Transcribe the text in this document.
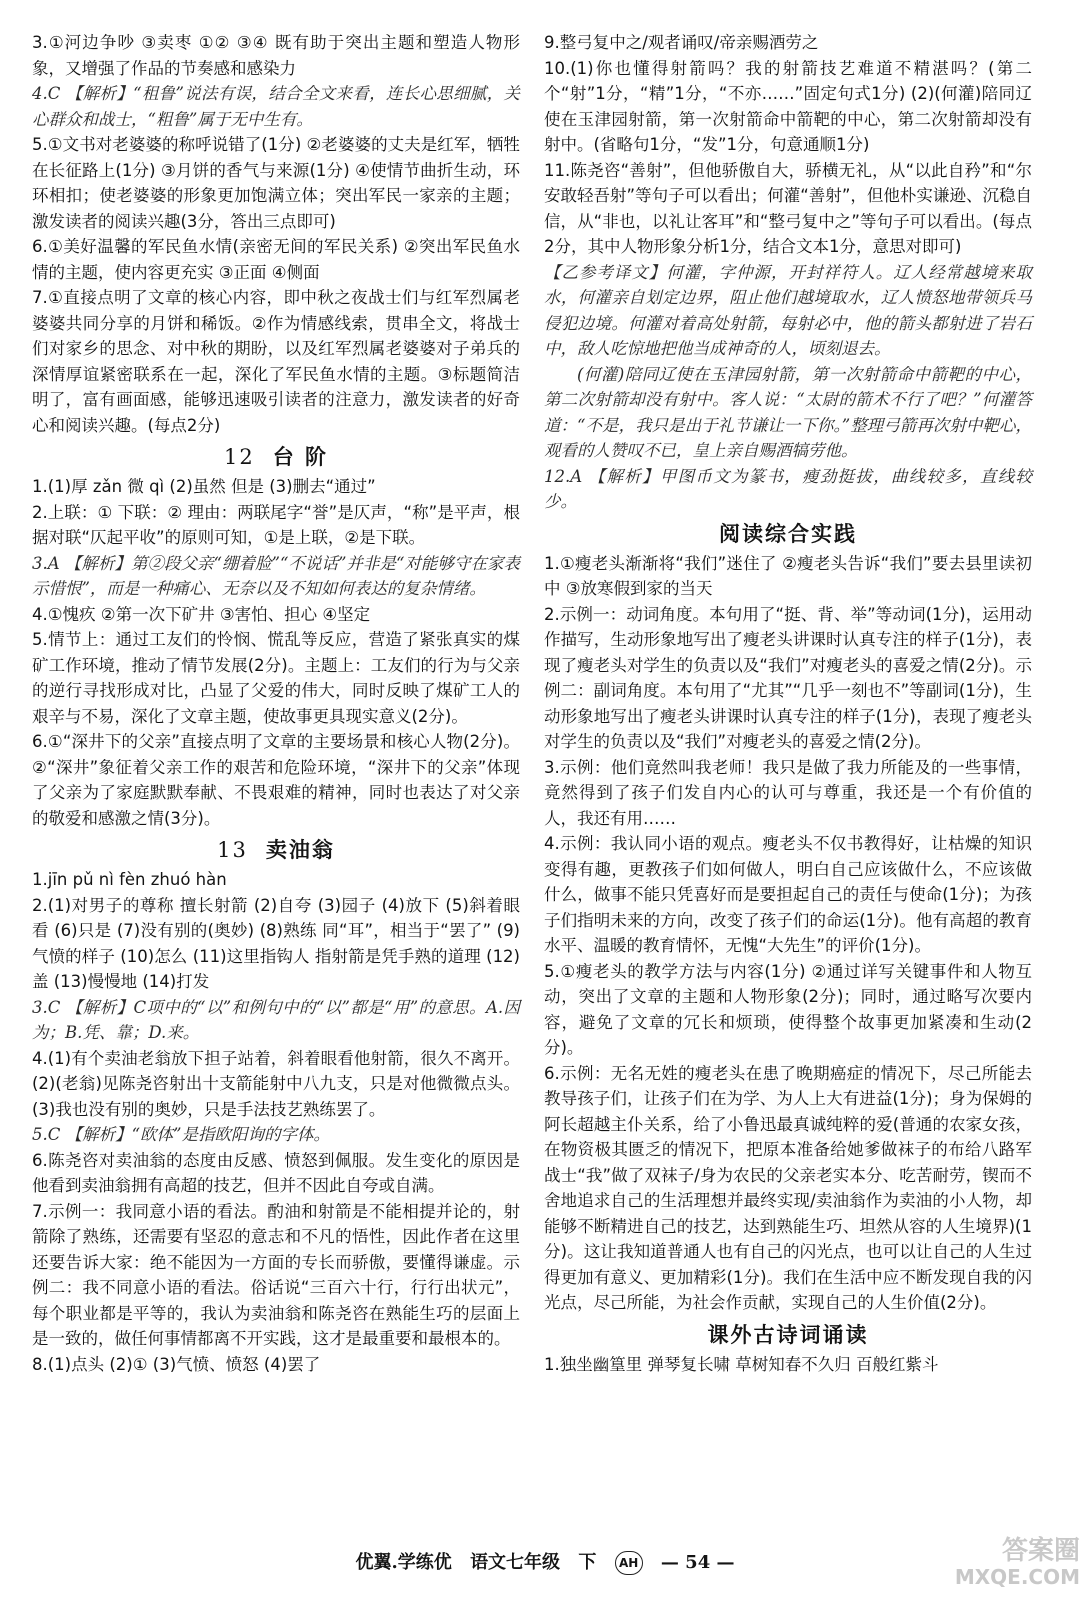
3.①河边争吵 ③卖枣 ①② ③④ 既有助于突出主题和塑造人物形象，又增强了作品的节奏感和感染力

4.C 【解析】“租鲁”说法有误，结合全文来看，连长心思细腻，关心群众和战士，“粗鲁”属于无中生有。

5.①文书对老婆婆的称呼说错了(1分) ②老婆婆的丈夫是红军，牺牲在长征路上(1分) ③月饼的香气与来源(1分) ④使情节曲折生动，环环相扣；使老婆婆的形象更加饱满立体；突出军民一家亲的主题；激发读者的阅读兴趣(3分，答出三点即可)

6.①美好温馨的军民鱼水情(亲密无间的军民关系) ②突出军民鱼水情的主题，使内容更充实 ③正面 ④侧面

7.①直接点明了文章的核心内容，即中秋之夜战士们与红军烈属老婆婆共同分享的月饼和稀饭。②作为情感线索，贯串全文，将战士们对家乡的思念、对中秋的期盼，以及红军烈属老婆婆对子弟兵的深情厚谊紧密联系在一起，深化了军民鱼水情的主题。③标题简洁明了，富有画面感，能够迅速吸引读者的注意力，激发读者的好奇心和阅读兴趣。(每点2分)

12 台 阶

1.(1)厚 zǎn 微 qì (2)虽然 但是 (3)删去“通过”

2.上联：① 下联：② 理由：两联尾字“誉”是仄声，“称”是平声，根据对联“仄起平收”的原则可知，①是上联，②是下联。

3.A 【解析】第②段父亲“绷着脸”“不说话”并非是“对能够守在家表示惜恨”，而是一种痛心、无奈以及不知如何表达的复杂情绪。

4.①愧疚 ②第一次下矿井 ③害怕、担心 ④坚定

5.情节上：通过工友们的怜悯、慌乱等反应，营造了紧张真实的煤矿工作环境，推动了情节发展(2分)。主题上：工友们的行为与父亲的逆行寻找形成对比，凸显了父爱的伟大，同时反映了煤矿工人的艰辛与不易，深化了文章主题，使故事更具现实意义(2分)。

6.①“深井下的父亲”直接点明了文章的主要场景和核心人物(2分)。②“深井”象征着父亲工作的艰苦和危险环境，“深井下的父亲”体现了父亲为了家庭默默奉献、不畏艰难的精神，同时也表达了对父亲的敬爱和感激之情(3分)。

13 卖油翁

1.jīn pǔ nì fèn zhuó hàn

2.(1)对男子的尊称 擅长射箭 (2)自夸 (3)园子 (4)放下 (5)斜着眼看 (6)只是 (7)没有别的(奥妙) (8)熟练 同“耳”，相当于“罢了” (9)气愤的样子 (10)怎么 (11)这里指钩人 指射箭是凭手熟的道理 (12)盖 (13)慢慢地 (14)打发

3.C 【解析】C项中的“以”和例句中的“以”都是“用”的意思。A.因为；B.凭、靠；D.来。

4.(1)有个卖油老翁放下担子站着，斜着眼看他射箭，很久不离开。(2)(老翁)见陈尧咨射出十支箭能射中八九支，只是对他微微点头。(3)我也没有别的奥妙，只是手法技艺熟练罢了。

5.C 【解析】“欧体”是指欧阳询的字体。

6.陈尧咨对卖油翁的态度由反感、愤怒到佩服。发生变化的原因是他看到卖油翁拥有高超的技艺，但并不因此自夸或自满。

7.示例一：我同意小语的看法。酌油和射箭是不能相提并论的，射箭除了熟练，还需要有坚忍的意志和不凡的悟性，因此作者在这里还要告诉大家：绝不能因为一方面的专长而骄傲，要懂得谦虚。示例二：我不同意小语的看法。俗话说“三百六十行，行行出状元”，每个职业都是平等的，我认为卖油翁和陈尧咨在熟能生巧的层面上是一致的，做任何事情都离不开实践，这才是最重要和最根本的。

8.(1)点头 (2)① (3)气愤、愤怒 (4)罢了

9.整弓复中之/观者诵叹/帝亲赐酒劳之

10.(1)你也懂得射箭吗？我的射箭技艺难道不精湛吗？(第二个“射”1分，“精”1分，“不亦……”固定句式1分) (2)(何灌)陪同辽使在玉津园射箭，第一次射箭命中箭靶的中心，第二次射箭却没有射中。(省略句1分，“发”1分，句意通顺1分)

11.陈尧咨“善射”，但他骄傲自大，骄横无礼，从“以此自矜”和“尔安敢轻吾射”等句子可以看出；何灌“善射”，但他朴实谦逊、沉稳自信，从“非也，以礼让客耳”和“整弓复中之”等句子可以看出。(每点2分，其中人物形象分析1分，结合文本1分，意思对即可)

【乙参考译文】何灌，字仲源，开封祥符人。辽人经常越境来取水，何灌亲自划定边界，阻止他们越境取水，辽人愤怒地带领兵马侵犯边境。何灌对着高处射箭，每射必中，他的箭头都射进了岩石中，敌人吃惊地把他当成神奇的人，顷刻退去。

(何灌)陪同辽使在玉津园射箭，第一次射箭命中箭靶的中心，第二次射箭却没有射中。客人说：“太尉的箭术不行了吧？”何灌答道：“不是，我只是出于礼节谦让一下你。”整理弓箭再次射中靶心，观看的人赞叹不已，皇上亲自赐酒犒劳他。

12.A 【解析】甲图币文为篆书，瘦劲挺拔，曲线较多，直线较少。

阅读综合实践

1.①瘦老头渐渐将“我们”迷住了 ②瘦老头告诉“我们”要去县里读初中 ③放寒假到家的当天

2.示例一：动词角度。本句用了“挺、背、举”等动词(1分)，运用动作描写，生动形象地写出了瘦老头讲课时认真专注的样子(1分)，表现了瘦老头对学生的负责以及“我们”对瘦老头的喜爱之情(2分)。示例二：副词角度。本句用了“尤其”“几乎一刻也不”等副词(1分)，生动形象地写出了瘦老头讲课时认真专注的样子(1分)，表现了瘦老头对学生的负责以及“我们”对瘦老头的喜爱之情(2分)。

3.示例：他们竟然叫我老师！我只是做了我力所能及的一些事情，竟然得到了孩子们发自内心的认可与尊重，我还是一个有价值的人，我还有用……

4.示例：我认同小语的观点。瘦老头不仅书教得好，让枯燥的知识变得有趣，更教孩子们如何做人，明白自己应该做什么，不应该做什么，做事不能只凭喜好而是要担起自己的责任与使命(1分)；为孩子们指明未来的方向，改变了孩子们的命运(1分)。他有高超的教育水平、温暖的教育情怀，无愧“大先生”的评价(1分)。

5.①瘦老头的教学方法与内容(1分) ②通过详写关键事件和人物互动，突出了文章的主题和人物形象(2分)；同时，通过略写次要内容，避免了文章的冗长和烦琐，使得整个故事更加紧凑和生动(2分)。

6.示例：无名无姓的瘦老头在患了晚期癌症的情况下，尽己所能去教导孩子们，让孩子们在为学、为人上大有进益(1分)；身为保姆的阿长超越主仆关系，给了小鲁迅最真诚纯粹的爱(普通的农家女孩，在物资极其匮乏的情况下，把原本准备给她爹做袜子的布给八路军战士“我”做了双袜子/身为农民的父亲老实本分、吃苦耐劳，锲而不舍地追求自己的生活理想并最终实现/卖油翁作为卖油的小人物，却能够不断精进自己的技艺，达到熟能生巧、坦然从容的人生境界)(1分)。这让我知道普通人也有自己的闪光点，也可以让自己的人生过得更加有意义、更加精彩(1分)。我们在生活中应不断发现自我的闪光点，尽己所能，为社会作贡献，实现自己的人生价值(2分)。

课外古诗词诵读

1.独坐幽篁里 弹琴复长啸 草树知春不久归 百般红紫斗

优翼.学练优 语文七年级 下 AH — 54 —	答案圈
MXQE.COM
